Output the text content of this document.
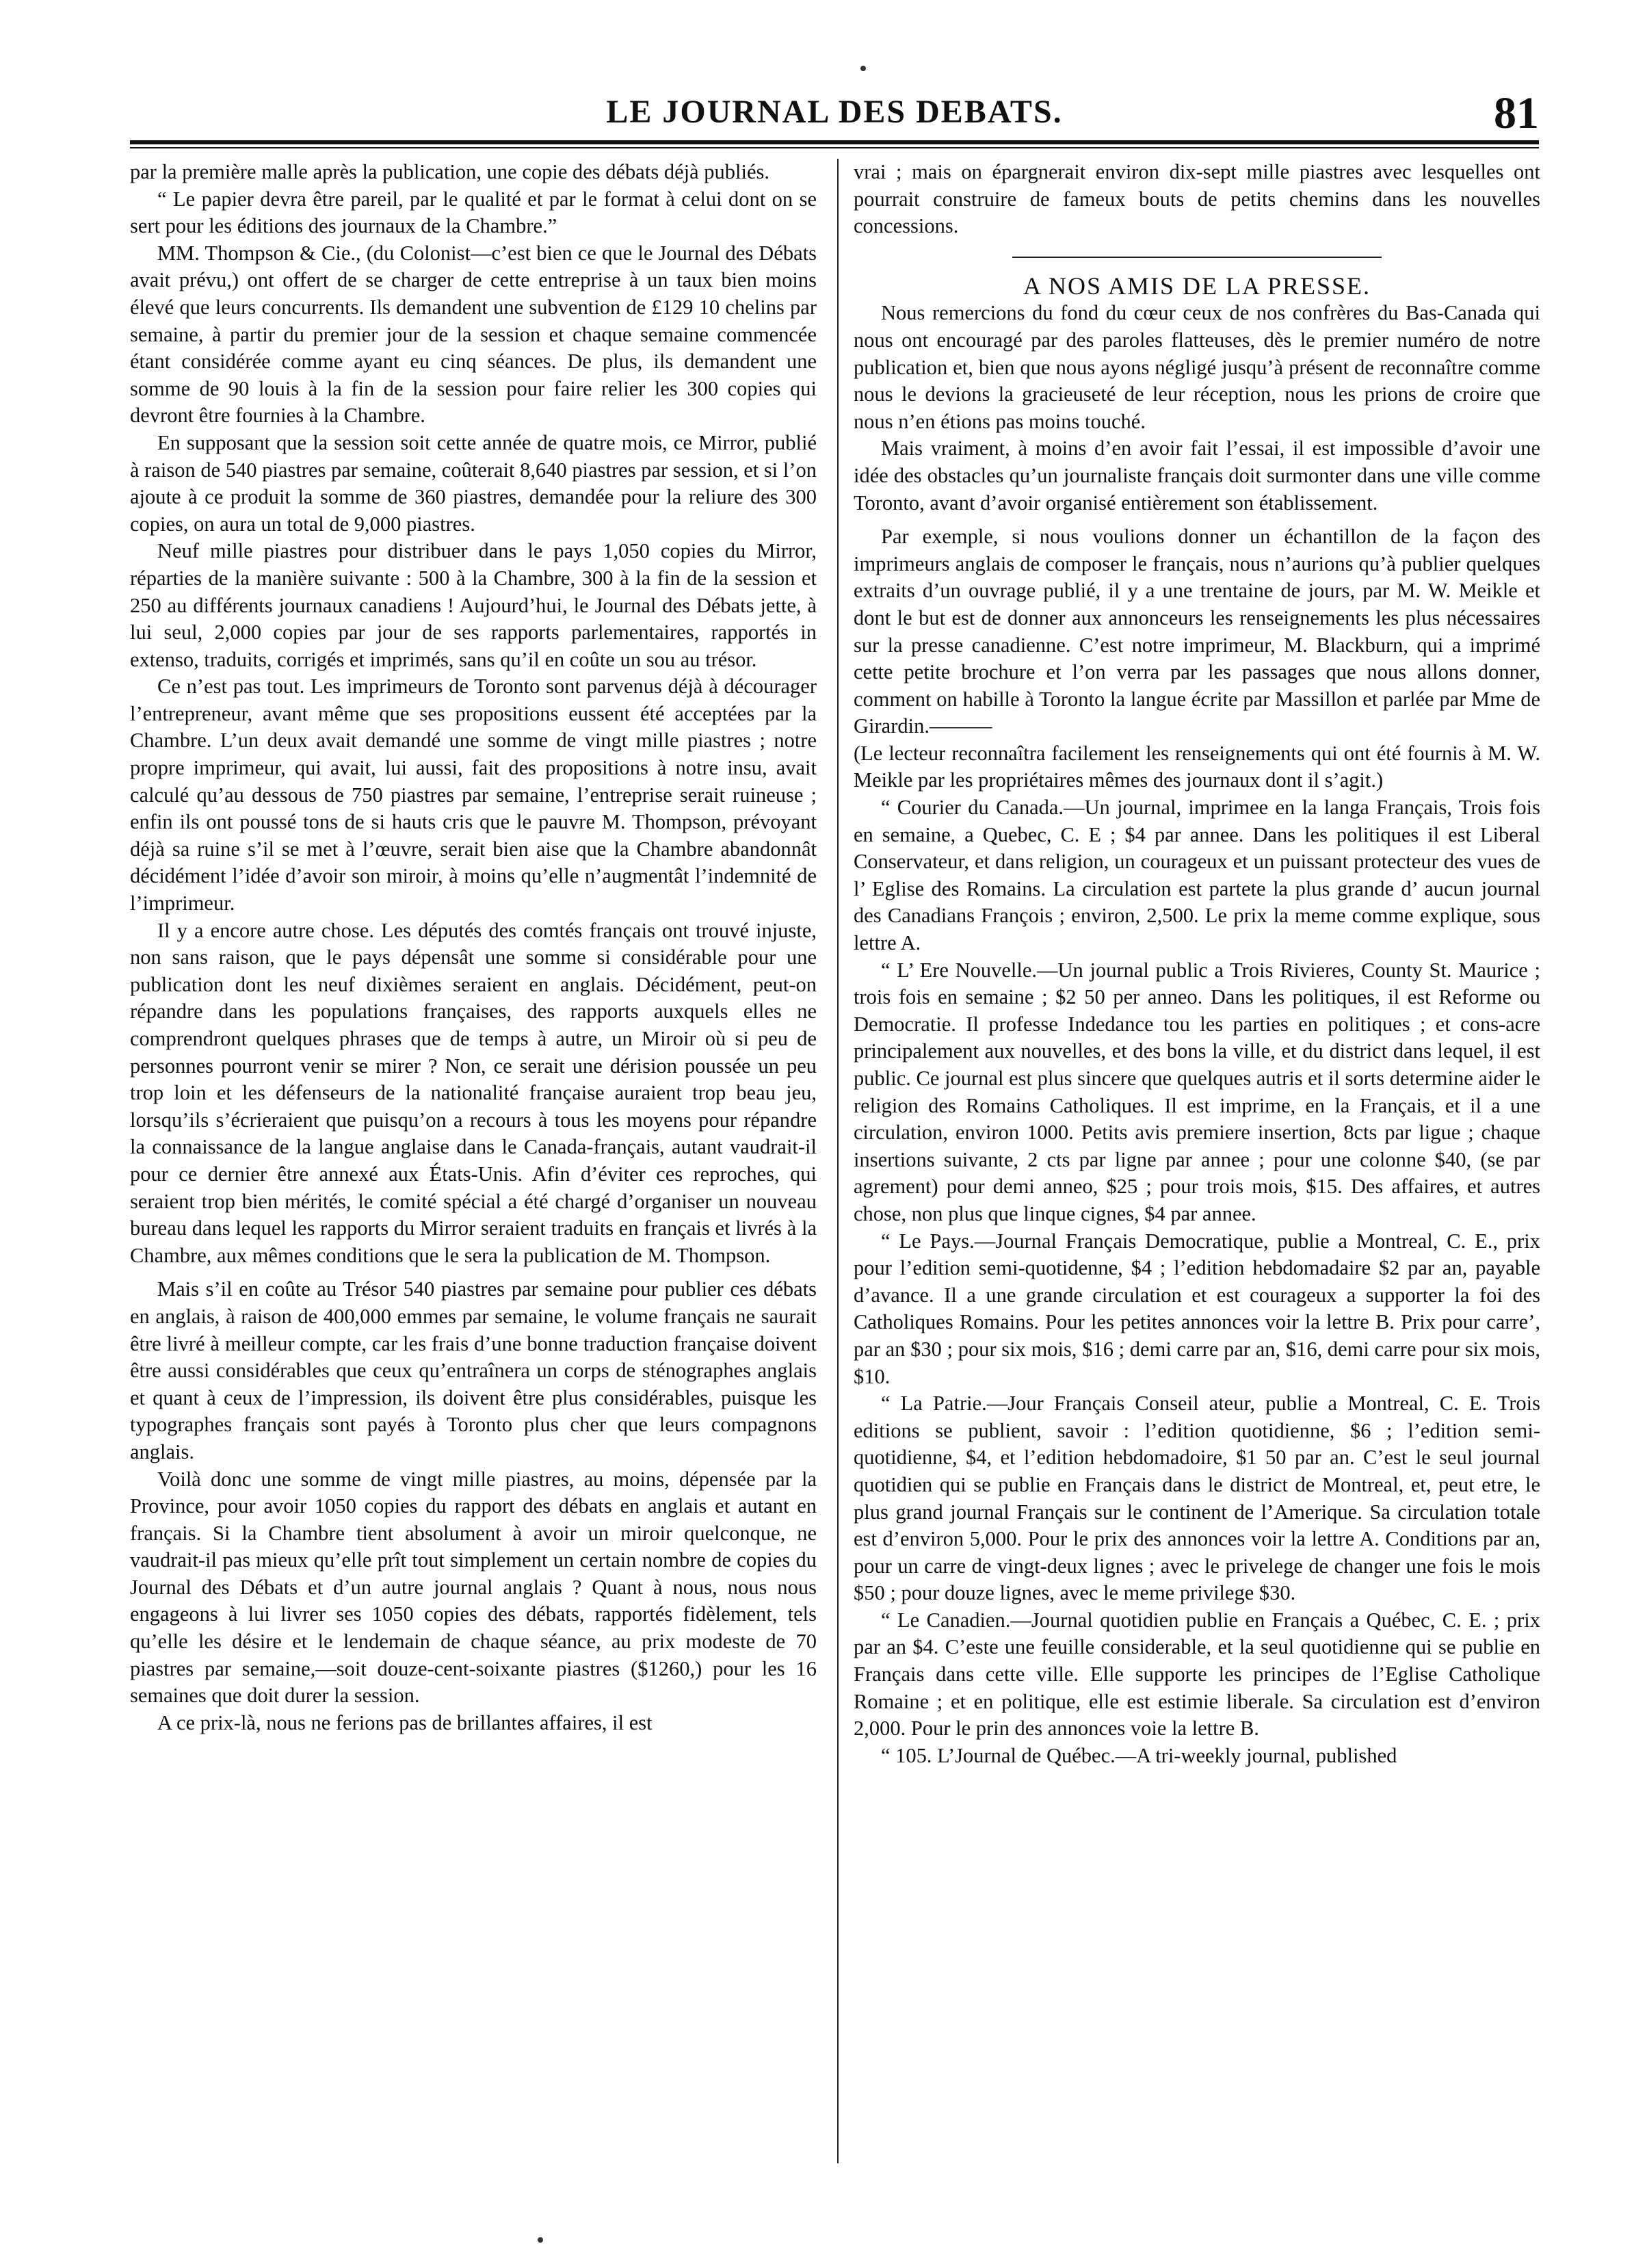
LE JOURNAL DES DEBATS.	81

par la première malle après la publication, une copie des débats déjà publiés.

“ Le papier devra être pareil, par le qualité et par le format à celui dont on se sert pour les éditions des journaux de la Chambre.”

MM. Thompson & Cie., (du Colonist—c’est bien ce que le Journal des Débats avait prévu,) ont offert de se charger de cette entreprise à un taux bien moins élevé que leurs concurrents. Ils demandent une subvention de £129 10 chelins par semaine, à partir du premier jour de la session et chaque semaine commencée étant considérée comme ayant eu cinq séances. De plus, ils demandent une somme de 90 louis à la fin de la session pour faire relier les 300 copies qui devront être fournies à la Chambre.

En supposant que la session soit cette année de quatre mois, ce Mirror, publié à raison de 540 piastres par semaine, coûterait 8,640 piastres par session, et si l’on ajoute à ce produit la somme de 360 piastres, demandée pour la reliure des 300 copies, on aura un total de 9,000 piastres.

Neuf mille piastres pour distribuer dans le pays 1,050 copies du Mirror, réparties de la manière suivante : 500 à la Chambre, 300 à la fin de la session et 250 au différents journaux canadiens ! Aujourd’hui, le Journal des Débats jette, à lui seul, 2,000 copies par jour de ses rapports parlementaires, rapportés in extenso, traduits, corrigés et imprimés, sans qu’il en coûte un sou au trésor.

Ce n’est pas tout. Les imprimeurs de Toronto sont parvenus déjà à décourager l’entrepreneur, avant même que ses propositions eussent été acceptées par la Chambre. L’un deux avait demandé une somme de vingt mille piastres ; notre propre imprimeur, qui avait, lui aussi, fait des propositions à notre insu, avait calculé qu’au dessous de 750 piastres par semaine, l’entreprise serait ruineuse ; enfin ils ont poussé tons de si hauts cris que le pauvre M. Thompson, prévoyant déjà sa ruine s’il se met à l’œuvre, serait bien aise que la Chambre abandonnât décidément l’idée d’avoir son miroir, à moins qu’elle n’augmentât l’indemnité de l’imprimeur.

Il y a encore autre chose. Les députés des comtés français ont trouvé injuste, non sans raison, que le pays dépensât une somme si considérable pour une publication dont les neuf dixièmes seraient en anglais. Décidément, peut-on répandre dans les populations françaises, des rapports auxquels elles ne comprendront quelques phrases que de temps à autre, un Miroir où si peu de personnes pourront venir se mirer ? Non, ce serait une dérision poussée un peu trop loin et les défenseurs de la nationalité française auraient trop beau jeu, lorsqu’ils s’écrieraient que puisqu’on a recours à tous les moyens pour répandre la connaissance de la langue anglaise dans le Canada-français, autant vaudrait-il pour ce dernier être annexé aux États-Unis. Afin d’éviter ces reproches, qui seraient trop bien mérités, le comité spécial a été chargé d’organiser un nouveau bureau dans lequel les rapports du Mirror seraient traduits en français et livrés à la Chambre, aux mêmes conditions que le sera la publication de M. Thompson.

Mais s’il en coûte au Trésor 540 piastres par semaine pour publier ces débats en anglais, à raison de 400,000 emmes par semaine, le volume français ne saurait être livré à meilleur compte, car les frais d’une bonne traduction française doivent être aussi considérables que ceux qu’entraînera un corps de sténographes anglais et quant à ceux de l’impression, ils doivent être plus considérables, puisque les typographes français sont payés à Toronto plus cher que leurs compagnons anglais.

Voilà donc une somme de vingt mille piastres, au moins, dépensée par la Province, pour avoir 1050 copies du rapport des débats en anglais et autant en français. Si la Chambre tient absolument à avoir un miroir quelconque, ne vaudrait-il pas mieux qu’elle prît tout simplement un certain nombre de copies du Journal des Débats et d’un autre journal anglais ? Quant à nous, nous nous engageons à lui livrer ses 1050 copies des débats, rapportés fidèlement, tels qu’elle les désire et le lendemain de chaque séance, au prix modeste de 70 piastres par semaine,—soit douze-cent-soixante piastres ($1260,) pour les 16 semaines que doit durer la session.

A ce prix-là, nous ne ferions pas de brillantes affaires, il est

vrai ; mais on épargnerait environ dix-sept mille piastres avec lesquelles ont pourrait construire de fameux bouts de petits chemins dans les nouvelles concessions.

A NOS AMIS DE LA PRESSE.

Nous remercions du fond du cœur ceux de nos confrères du Bas-Canada qui nous ont encouragé par des paroles flatteuses, dès le premier numéro de notre publication et, bien que nous ayons négligé jusqu’à présent de reconnaître comme nous le devions la gracieuseté de leur réception, nous les prions de croire que nous n’en étions pas moins touché.

Mais vraiment, à moins d’en avoir fait l’essai, il est impossible d’avoir une idée des obstacles qu’un journaliste français doit surmonter dans une ville comme Toronto, avant d’avoir organisé entièrement son établissement.

Par exemple, si nous voulions donner un échantillon de la façon des imprimeurs anglais de composer le français, nous n’aurions qu’à publier quelques extraits d’un ouvrage publié, il y a une trentaine de jours, par M. W. Meikle et dont le but est de donner aux annonceurs les renseignements les plus nécessaires sur la presse canadienne. C’est notre imprimeur, M. Blackburn, qui a imprimé cette petite brochure et l’on verra par les passages que nous allons donner, comment on habille à Toronto la langue écrite par Massillon et parlée par Mme de Girardin.———

(Le lecteur reconnaîtra facilement les renseignements qui ont été fournis à M. W. Meikle par les propriétaires mêmes des journaux dont il s’agit.)

“ Courier du Canada.—Un journal, imprimee en la langa Français, Trois fois en semaine, a Quebec, C. E ; $4 par annee. Dans les politiques il est Liberal Conservateur, et dans religion, un courageux et un puissant protecteur des vues de l’ Eglise des Romains. La circulation est partete la plus grande d’ aucun journal des Canadians François ; environ, 2,500. Le prix la meme comme explique, sous lettre A.

“ L’ Ere Nouvelle.—Un journal public a Trois Rivieres, County St. Maurice ; trois fois en semaine ; $2 50 per anneo. Dans les politiques, il est Reforme ou Democratie. Il professe Indedance tou les parties en politiques ; et cons-acre principalement aux nouvelles, et des bons la ville, et du district dans lequel, il est public. Ce journal est plus sincere que quelques autris et il sorts determine aider le religion des Romains Catholiques. Il est imprime, en la Français, et il a une circulation, environ 1000. Petits avis premiere insertion, 8cts par ligue ; chaque insertions suivante, 2 cts par ligne par annee ; pour une colonne $40, (se par agrement) pour demi anneo, $25 ; pour trois mois, $15. Des affaires, et autres chose, non plus que linque cignes, $4 par annee.

“ Le Pays.—Journal Français Democratique, publie a Montreal, C. E., prix pour l’edition semi-quotidenne, $4 ; l’edition hebdomadaire $2 par an, payable d’avance. Il a une grande circulation et est courageux a supporter la foi des Catholiques Romains. Pour les petites annonces voir la lettre B. Prix pour carre’, par an $30 ; pour six mois, $16 ; demi carre par an, $16, demi carre pour six mois, $10.

“ La Patrie.—Jour Français Conseil ateur, publie a Montreal, C. E. Trois editions se publient, savoir : l’edition quotidienne, $6 ; l’edition semi-quotidienne, $4, et l’edition hebdomadoire, $1 50 par an. C’est le seul journal quotidien qui se publie en Français dans le district de Montreal, et, peut etre, le plus grand journal Français sur le continent de l’Amerique. Sa circulation totale est d’environ 5,000. Pour le prix des annonces voir la lettre A. Conditions par an, pour un carre de vingt-deux lignes ; avec le privelege de changer une fois le mois $50 ; pour douze lignes, avec le meme privilege $30.

“ Le Canadien.—Journal quotidien publie en Français a Québec, C. E. ; prix par an $4. C’este une feuille considerable, et la seul quotidienne qui se publie en Français dans cette ville. Elle supporte les principes de l’Eglise Catholique Romaine ; et en politique, elle est estimie liberale. Sa circulation est d’environ 2,000. Pour le prin des annonces voie la lettre B.

“ 105. L’Journal de Québec.—A tri-weekly journal, published
